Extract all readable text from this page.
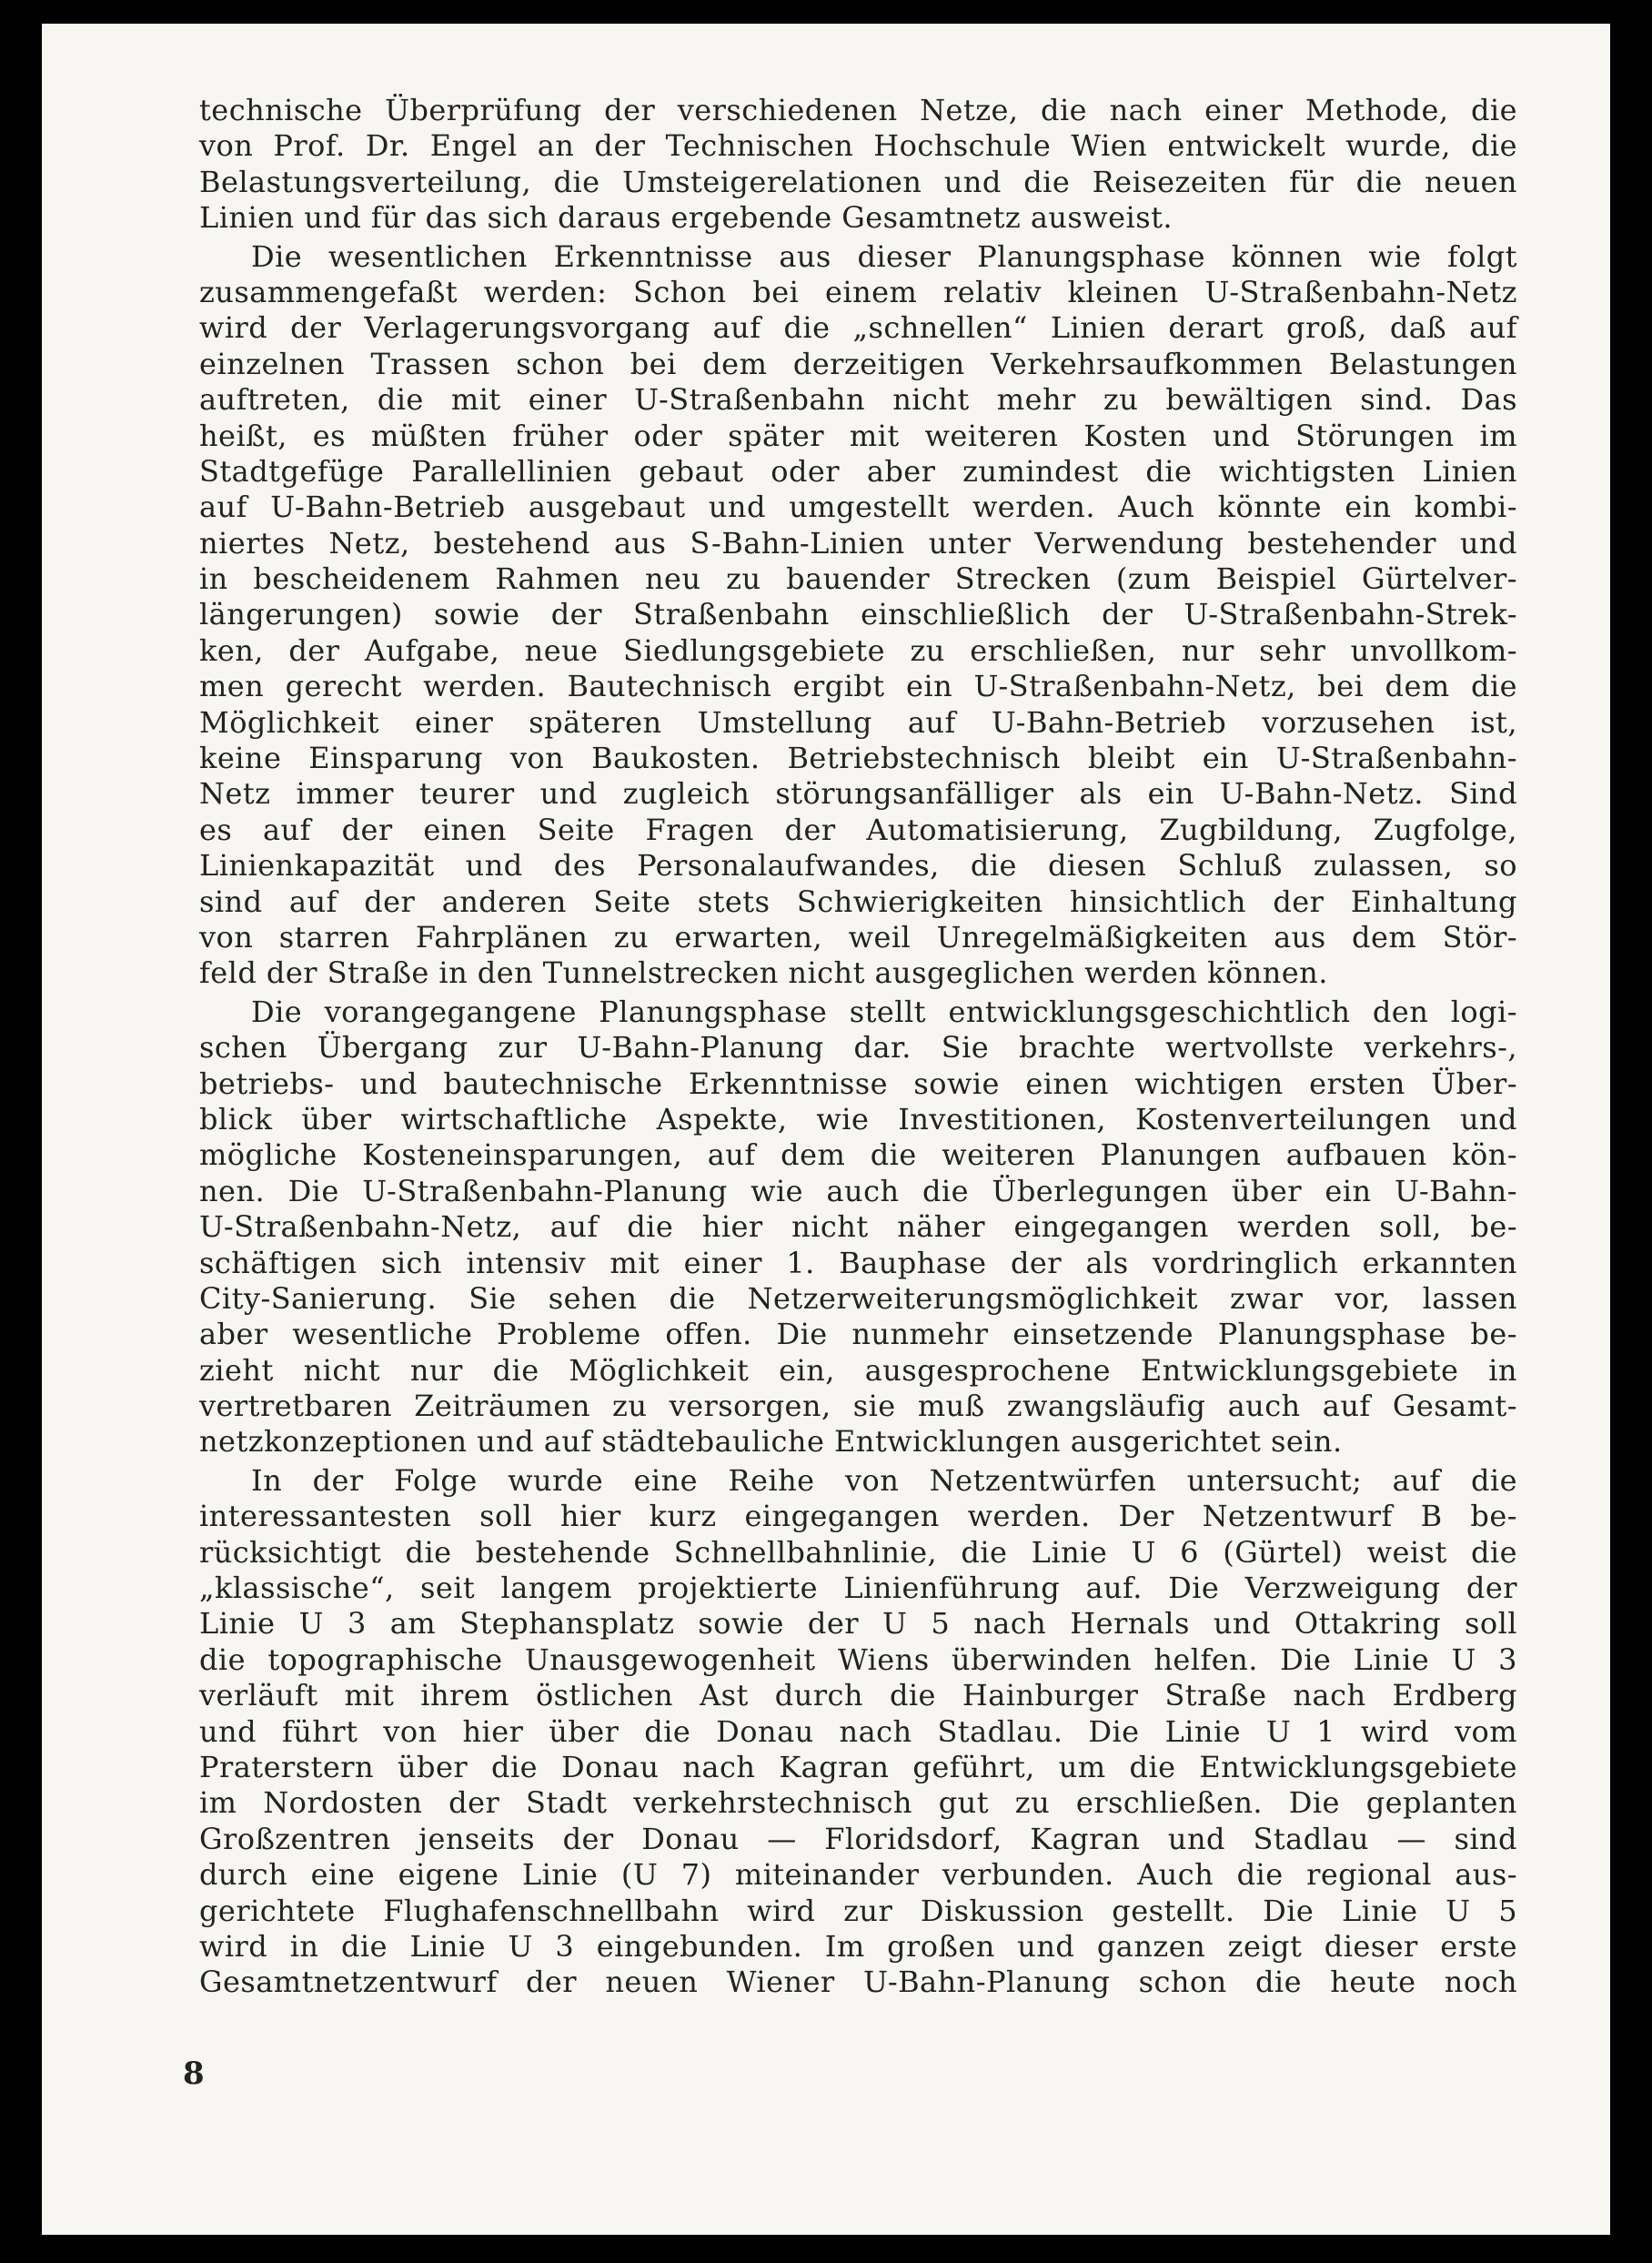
technische Überprüfung der verschiedenen Netze, die nach einer Methode, die
von Prof. Dr. Engel an der Technischen Hochschule Wien entwickelt wurde, die
Belastungsverteilung, die Umsteigerelationen und die Reisezeiten für die neuen
Linien und für das sich daraus ergebende Gesamtnetz ausweist.
Die wesentlichen Erkenntnisse aus dieser Planungsphase können wie folgt
zusammengefaßt werden: Schon bei einem relativ kleinen U-Straßenbahn-Netz
wird der Verlagerungsvorgang auf die „schnellen“ Linien derart groß, daß auf
einzelnen Trassen schon bei dem derzeitigen Verkehrsaufkommen Belastungen
auftreten, die mit einer U-Straßenbahn nicht mehr zu bewältigen sind. Das
heißt, es müßten früher oder später mit weiteren Kosten und Störungen im
Stadtgefüge Parallellinien gebaut oder aber zumindest die wichtigsten Linien
auf U-Bahn-Betrieb ausgebaut und umgestellt werden. Auch könnte ein kombi-
niertes Netz, bestehend aus S-Bahn-Linien unter Verwendung bestehender und
in bescheidenem Rahmen neu zu bauender Strecken (zum Beispiel Gürtelver-
längerungen) sowie der Straßenbahn einschließlich der U-Straßenbahn-Strek-
ken, der Aufgabe, neue Siedlungsgebiete zu erschließen, nur sehr unvollkom-
men gerecht werden. Bautechnisch ergibt ein U-Straßenbahn-Netz, bei dem die
Möglichkeit einer späteren Umstellung auf U-Bahn-Betrieb vorzusehen ist,
keine Einsparung von Baukosten. Betriebstechnisch bleibt ein U-Straßenbahn-
Netz immer teurer und zugleich störungsanfälliger als ein U-Bahn-Netz. Sind
es auf der einen Seite Fragen der Automatisierung, Zugbildung, Zugfolge,
Linienkapazität und des Personalaufwandes, die diesen Schluß zulassen, so
sind auf der anderen Seite stets Schwierigkeiten hinsichtlich der Einhaltung
von starren Fahrplänen zu erwarten, weil Unregelmäßigkeiten aus dem Stör-
feld der Straße in den Tunnelstrecken nicht ausgeglichen werden können.
Die vorangegangene Planungsphase stellt entwicklungsgeschichtlich den logi-
schen Übergang zur U-Bahn-Planung dar. Sie brachte wertvollste verkehrs-,
betriebs- und bautechnische Erkenntnisse sowie einen wichtigen ersten Über-
blick über wirtschaftliche Aspekte, wie Investitionen, Kostenverteilungen und
mögliche Kosteneinsparungen, auf dem die weiteren Planungen aufbauen kön-
nen. Die U-Straßenbahn-Planung wie auch die Überlegungen über ein U-Bahn-
U-Straßenbahn-Netz, auf die hier nicht näher eingegangen werden soll, be-
schäftigen sich intensiv mit einer 1. Bauphase der als vordringlich erkannten
City-Sanierung. Sie sehen die Netzerweiterungsmöglichkeit zwar vor, lassen
aber wesentliche Probleme offen. Die nunmehr einsetzende Planungsphase be-
zieht nicht nur die Möglichkeit ein, ausgesprochene Entwicklungsgebiete in
vertretbaren Zeiträumen zu versorgen, sie muß zwangsläufig auch auf Gesamt-
netzkonzeptionen und auf städtebauliche Entwicklungen ausgerichtet sein.
In der Folge wurde eine Reihe von Netzentwürfen untersucht; auf die
interessantesten soll hier kurz eingegangen werden. Der Netzentwurf B be-
rücksichtigt die bestehende Schnellbahnlinie, die Linie U 6 (Gürtel) weist die
„klassische“, seit langem projektierte Linienführung auf. Die Verzweigung der
Linie U 3 am Stephansplatz sowie der U 5 nach Hernals und Ottakring soll
die topographische Unausgewogenheit Wiens überwinden helfen. Die Linie U 3
verläuft mit ihrem östlichen Ast durch die Hainburger Straße nach Erdberg
und führt von hier über die Donau nach Stadlau. Die Linie U 1 wird vom
Praterstern über die Donau nach Kagran geführt, um die Entwicklungsgebiete
im Nordosten der Stadt verkehrstechnisch gut zu erschließen. Die geplanten
Großzentren jenseits der Donau — Floridsdorf, Kagran und Stadlau — sind
durch eine eigene Linie (U 7) miteinander verbunden. Auch die regional aus-
gerichtete Flughafenschnellbahn wird zur Diskussion gestellt. Die Linie U 5
wird in die Linie U 3 eingebunden. Im großen und ganzen zeigt dieser erste
Gesamtnetzentwurf der neuen Wiener U-Bahn-Planung schon die heute noch
8
